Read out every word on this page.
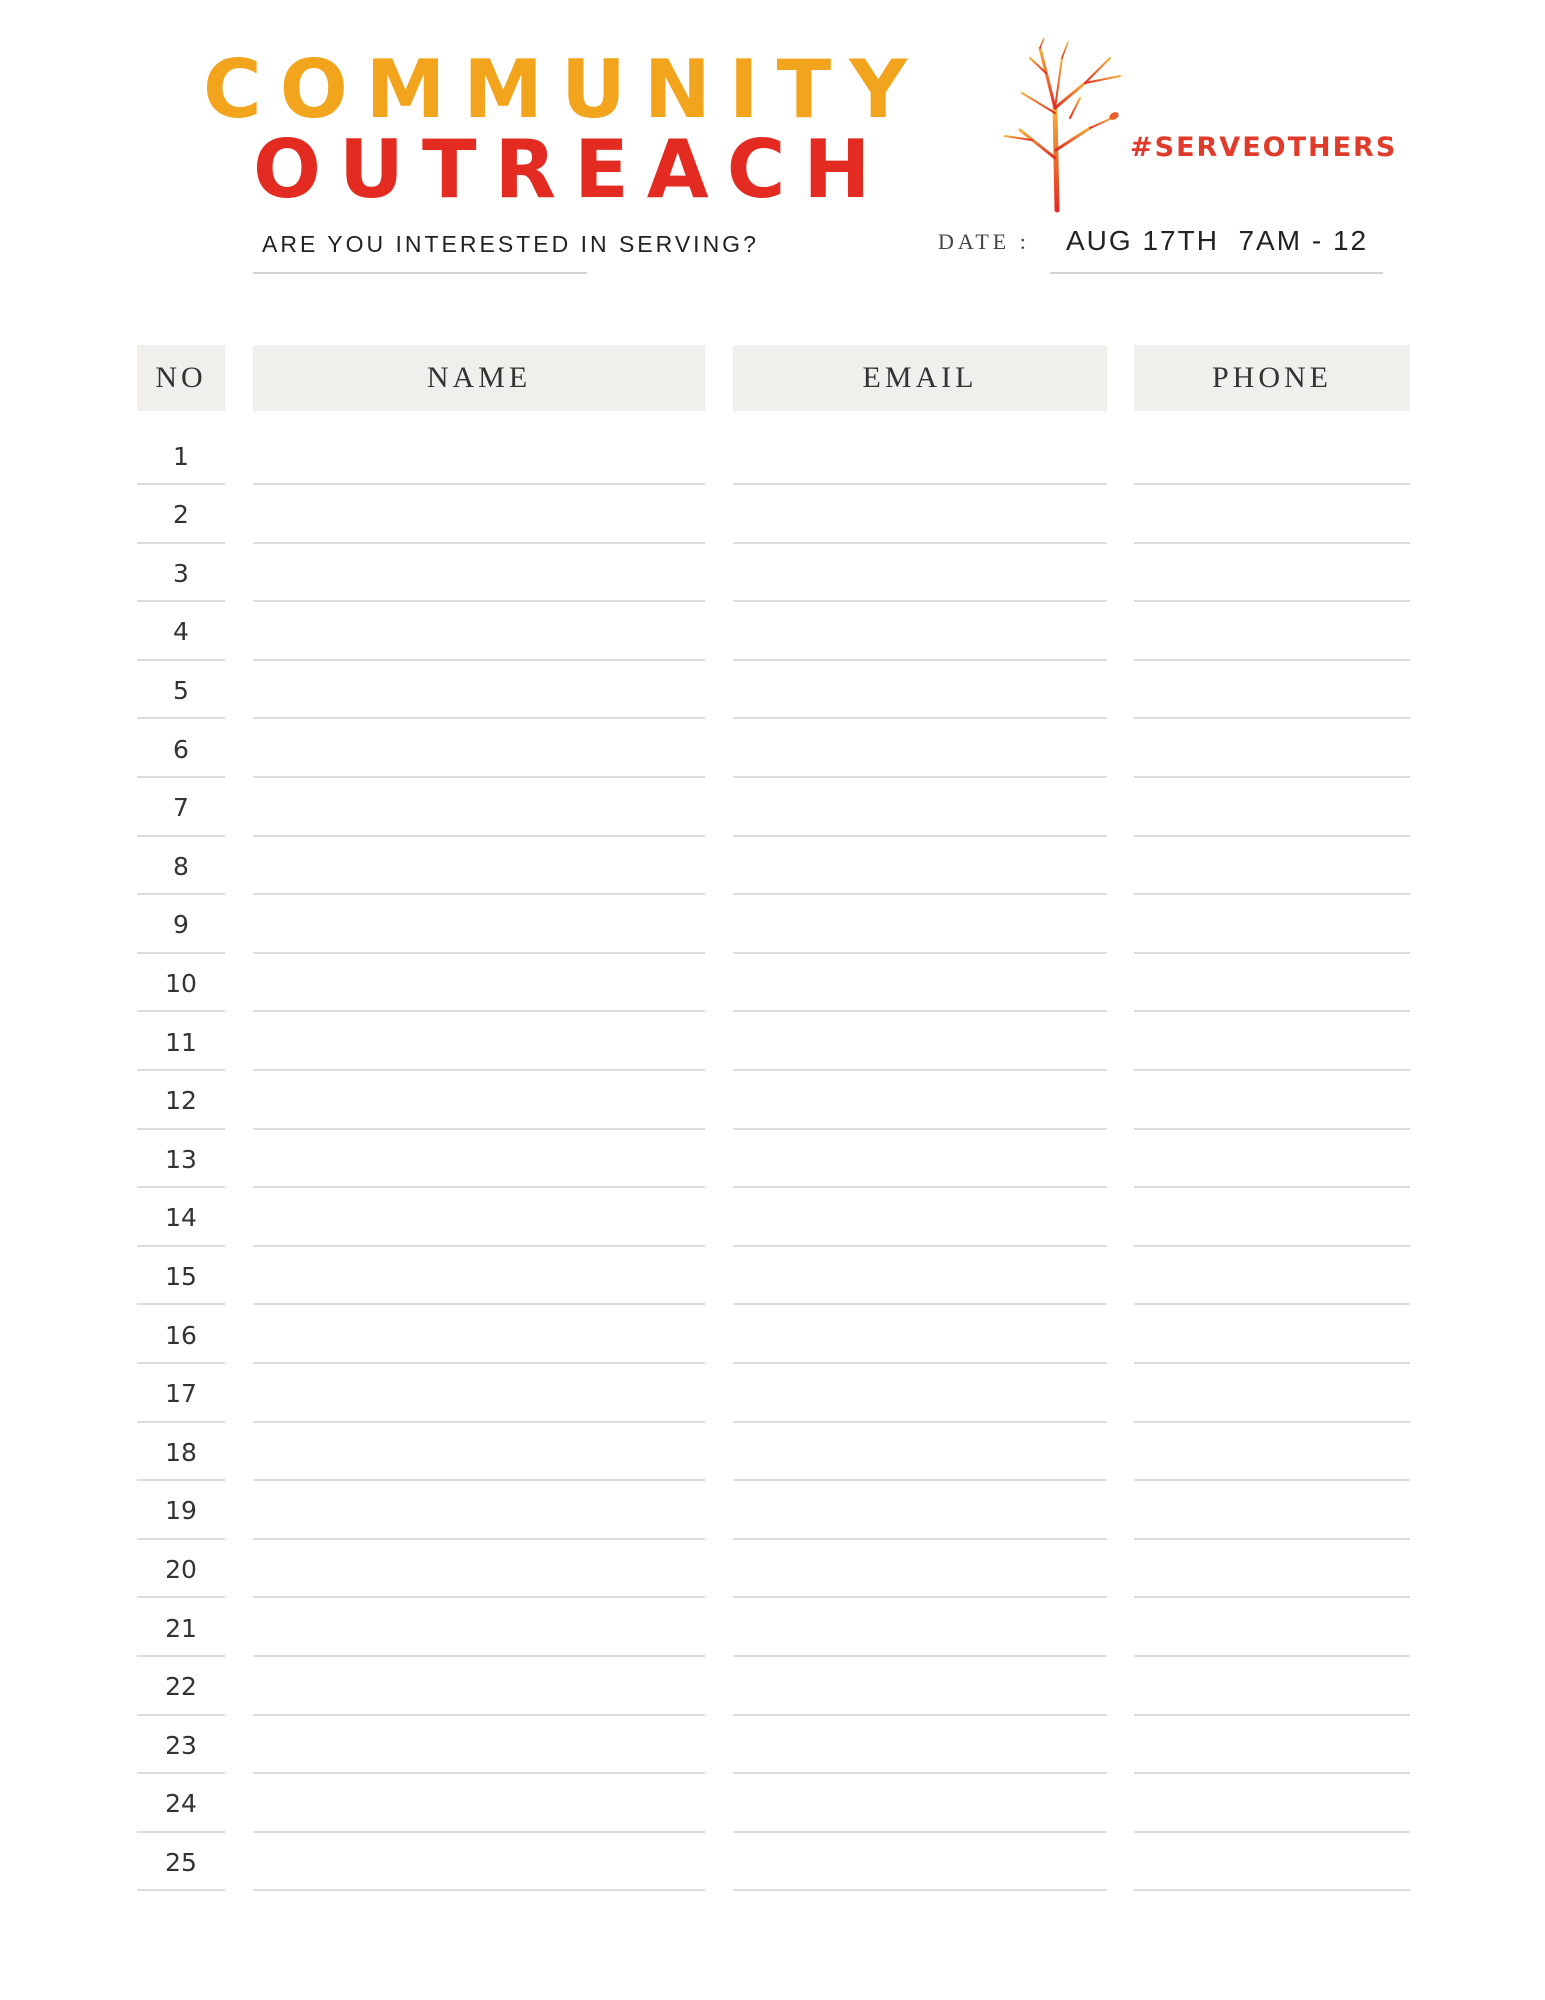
COMMUNITY
OUTREACH
ARE YOU INTERESTED IN SERVING?
#SERVEOTHERS
DATE : AUG 17TH  7AM - 12
NO	NAME	EMAIL	PHONE
1
2
3
4
5
6
7
8
9
10
11
12
13
14
15
16
17
18
19
20
21
22
23
24
25
